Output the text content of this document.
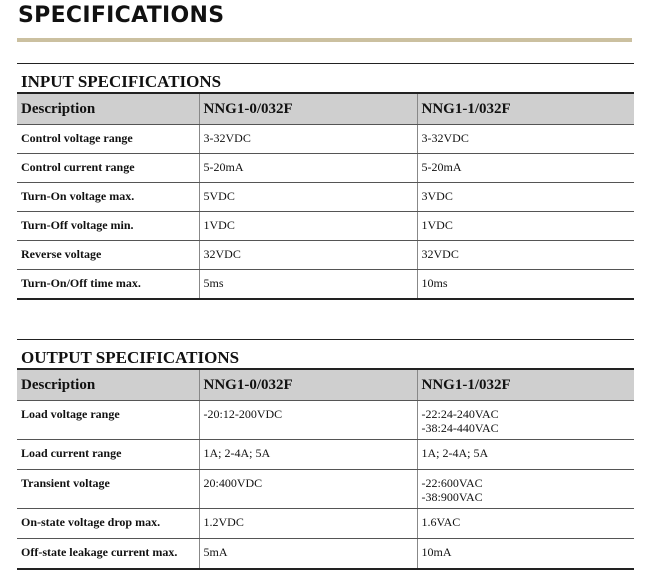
SPECIFICATIONS
INPUT SPECIFICATIONS
Description	NNG1-0/032F	NNG1-1/032F
Control voltage range	3-32VDC	3-32VDC
Control current range	5-20mA	5-20mA
Turn-On voltage max.	5VDC	3VDC
Turn-Off voltage min.	1VDC	1VDC
Reverse voltage	32VDC	32VDC
Turn-On/Off time max.	5ms	10ms
OUTPUT SPECIFICATIONS
Description	NNG1-0/032F	NNG1-1/032F
Load voltage range	-20:12-200VDC	-22:24-240VAC
-38:24-440VAC

Load current range	1A; 2-4A; 5A	1A; 2-4A; 5A
Transient voltage	20:400VDC	-22:600VAC
-38:900VAC

On-state voltage drop max.	1.2VDC	1.6VAC
Off-state leakage current max.	5mA	10mA
